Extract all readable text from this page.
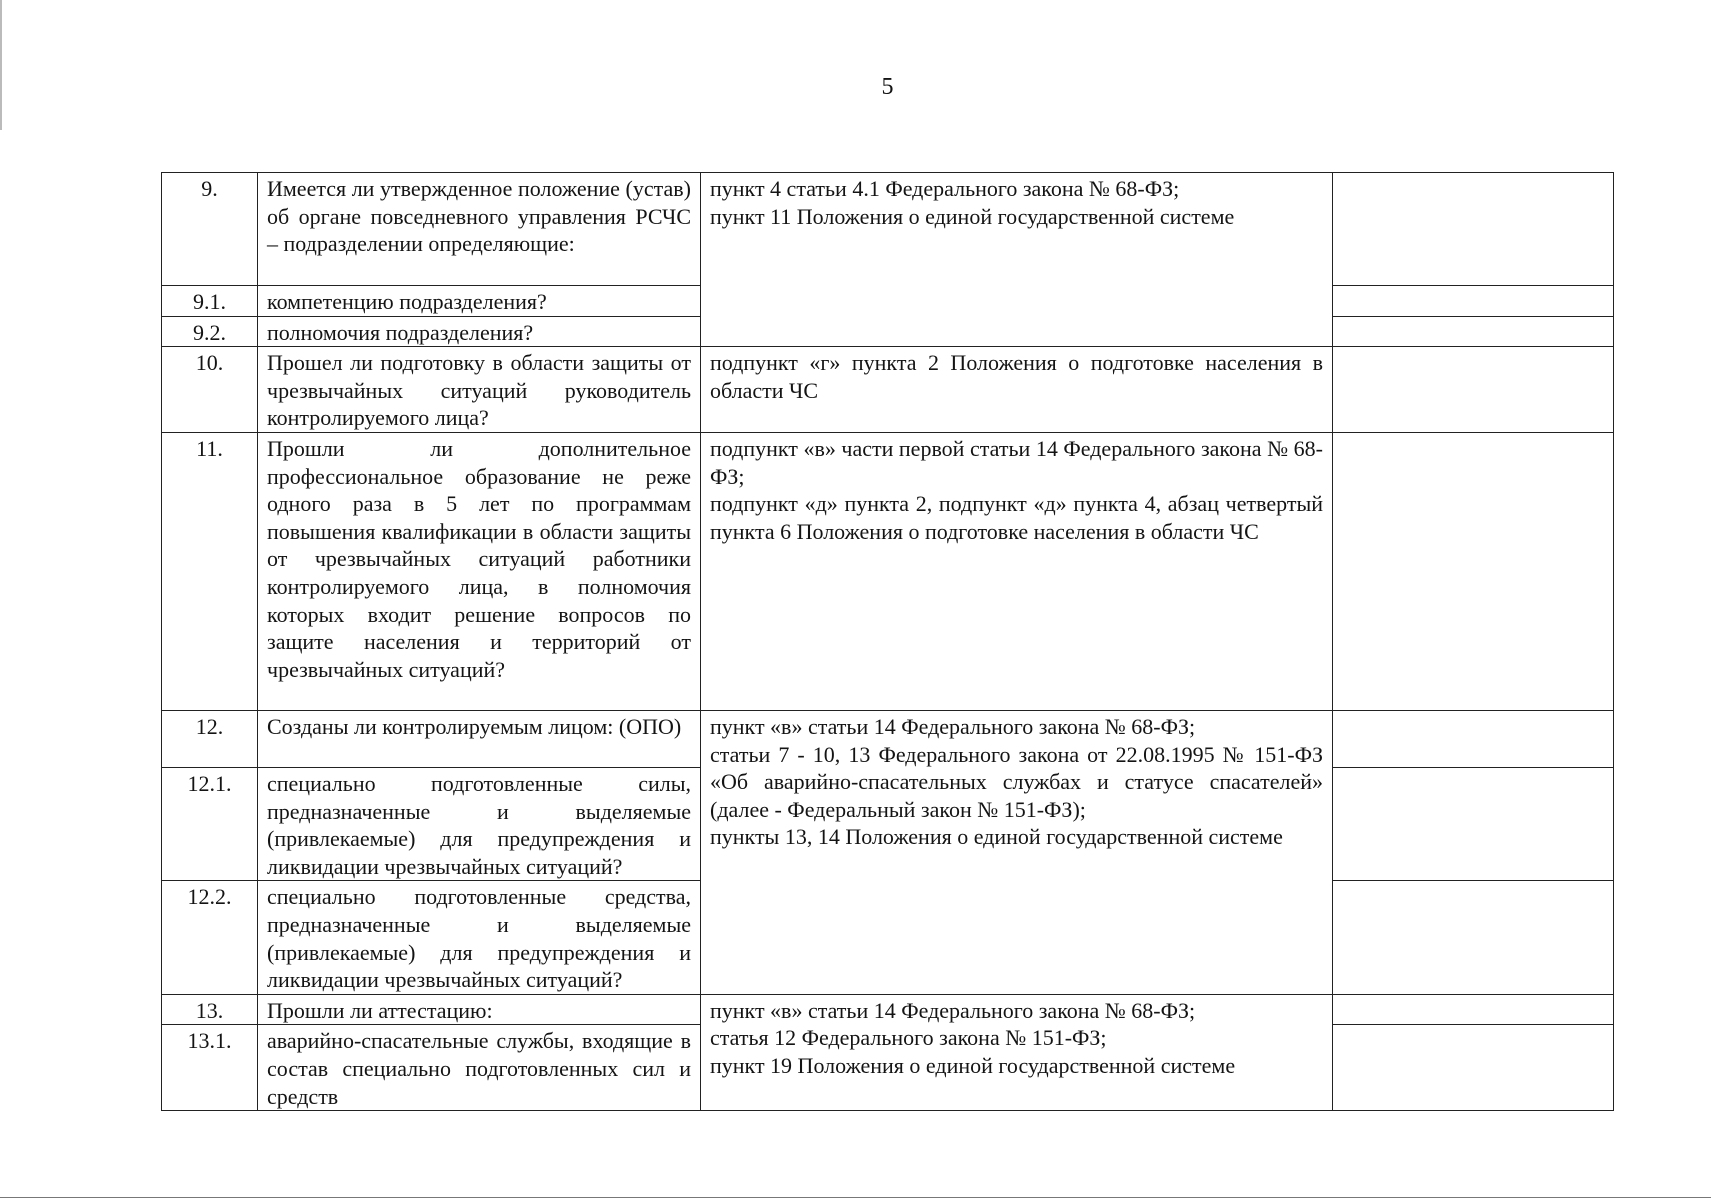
5
9.	Имеется ли утвержденное положение (устав) об органе повседневного управления РСЧС – подразделении определяющие:	пункт 4 статьи 4.1 Федерального закона № 68-ФЗ;
пункт 11 Положения о единой государственной системе	

9.1.	компетенцию подразделения?		
9.2.	полномочия подразделения?		
10.	Прошел ли подготовку в области защиты от чрезвычайных ситуаций руководитель контролируемого лица?	подпункт «г» пункта 2 Положения о подготовке населения в области ЧС	

11.	Прошли ли дополнительное профессиональное образование не реже одного раза в 5 лет по программам повышения квалификации в области защиты от чрезвычайных ситуаций работники контролируемого лица, в полномочия которых входит решение вопросов по защите населения и территорий от чрезвычайных ситуаций?	подпункт «в» части первой статьи 14 Федерального закона № 68-ФЗ;
подпункт «д» пункта 2, подпункт «д» пункта 4, абзац четвертый пункта 6 Положения о подготовке населения в области ЧС	

12.	Созданы ли контролируемым лицом: (ОПО)	пункт «в» статьи 14 Федерального закона № 68-ФЗ;
статьи 7 - 10, 13 Федерального закона от 22.08.1995 № 151-ФЗ «Об аварийно-спасательных службах и статусе спасателей» (далее - Федеральный закон № 151-ФЗ);
пункты 13, 14 Положения о единой государственной системе	

12.1.	специально подготовленные силы, предназначенные и выделяемые (привлекаемые) для предупреждения и ликвидации чрезвычайных ситуаций?		
12.2.	специально подготовленные средства, предназначенные и выделяемые (привлекаемые) для предупреждения и ликвидации чрезвычайных ситуаций?		
13.	Прошли ли аттестацию:	пункт «в» статьи 14 Федерального закона № 68-ФЗ;
статья 12 Федерального закона № 151-ФЗ;
пункт 19 Положения о единой государственной системе	

13.1.	аварийно-спасательные службы, входящие в состав специально подготовленных сил и средств		
